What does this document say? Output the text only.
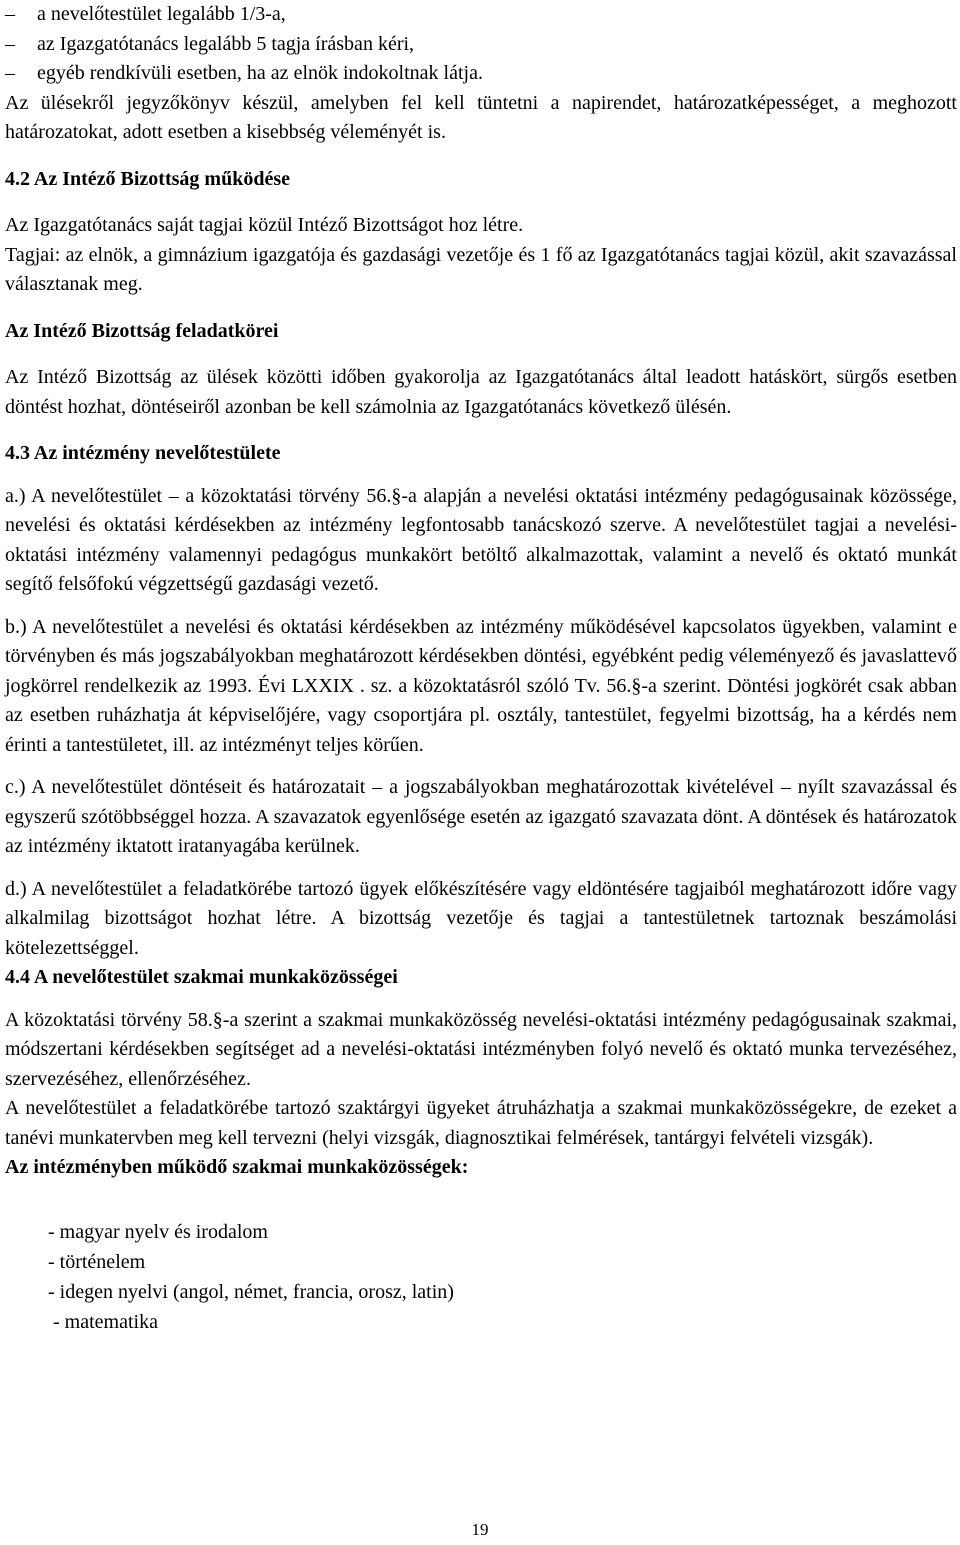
– a nevelőtestület legalább 1/3-a,
– az Igazgatótanács legalább 5 tagja írásban kéri,
– egyéb rendkívüli esetben, ha az elnök indokoltnak látja.

Az ülésekről jegyzőkönyv készül, amelyben fel kell tüntetni a napirendet, határozatképességet, a meghozott határozatokat, adott esetben a kisebbség véleményét is.

4.2 Az Intéző Bizottság működése

Az Igazgatótanács saját tagjai közül Intéző Bizottságot hoz létre.

Tagjai: az elnök, a gimnázium igazgatója és gazdasági vezetője és 1 fő az Igazgatótanács tagjai közül, akit szavazással választanak meg.

Az Intéző Bizottság feladatkörei

Az Intéző Bizottság az ülések közötti időben gyakorolja az Igazgatótanács által leadott hatáskört, sürgős esetben döntést hozhat, döntéseiről azonban be kell számolnia az Igazgatótanács következő ülésén.

4.3 Az intézmény nevelőtestülete

a.) A nevelőtestület – a közoktatási törvény 56.§-a alapján a nevelési oktatási intézmény pedagógusainak közössége, nevelési és oktatási kérdésekben az intézmény legfontosabb tanácskozó szerve. A nevelőtestület tagjai a nevelési-oktatási intézmény valamennyi pedagógus munkakört betöltő alkalmazottak, valamint a nevelő és oktató munkát segítő felsőfokú végzettségű gazdasági vezető.

b.) A nevelőtestület a nevelési és oktatási kérdésekben az intézmény működésével kapcsolatos ügyekben, valamint e törvényben és más jogszabályokban meghatározott kérdésekben döntési, egyébként pedig véleményező és javaslattevő jogkörrel rendelkezik az 1993. Évi LXXIX . sz. a közoktatásról szóló Tv. 56.§-a szerint. Döntési jogkörét csak abban az esetben ruházhatja át képviselőjére, vagy csoportjára pl. osztály, tantestület, fegyelmi bizottság, ha a kérdés nem érinti a tantestületet, ill. az intézményt teljes körűen.

c.) A nevelőtestület döntéseit és határozatait – a jogszabályokban meghatározottak kivételével – nyílt szavazással és egyszerű szótöbbséggel hozza. A szavazatok egyenlősége esetén az igazgató szavazata dönt. A döntések és határozatok az intézmény iktatott iratanyagába kerülnek.

d.) A nevelőtestület a feladatkörébe tartozó ügyek előkészítésére vagy eldöntésére tagjaiból meghatározott időre vagy alkalmilag bizottságot hozhat létre. A bizottság vezetője és tagjai a tantestületnek tartoznak beszámolási kötelezettséggel.

4.4 A nevelőtestület szakmai munkaközösségei

A közoktatási törvény 58.§-a szerint a szakmai munkaközösség nevelési-oktatási intézmény pedagógusainak szakmai, módszertani kérdésekben segítséget ad a nevelési-oktatási intézményben folyó nevelő és oktató munka tervezéséhez, szervezéséhez, ellenőrzéséhez.

A nevelőtestület a feladatkörébe tartozó szaktárgyi ügyeket átruházhatja a szakmai munkaközösségekre, de ezeket a tanévi munkatervben meg kell tervezni (helyi vizsgák, diagnosztikai felmérések, tantárgyi felvételi vizsgák).

Az intézményben működő szakmai munkaközösségek:

- magyar nyelv és irodalom
- történelem
- idegen nyelvi (angol, német, francia, orosz, latin)
- matematika
19
